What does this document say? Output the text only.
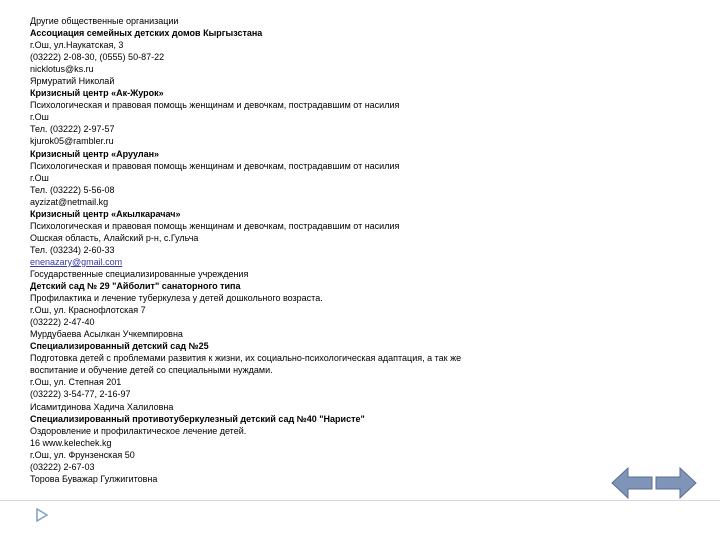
Другие общественные организации
Ассоциация семейных детских домов Кыргызстана
г.Ош, ул.Наукатская, 3
(03222) 2-08-30, (0555) 50-87-22
nicklotus@ks.ru
Ярмуратий Николай
Кризисный центр «Ак-Журок»
Психологическая и правовая помощь женщинам и девочкам, пострадавшим от насилия
г.Ош
Тел. (03222) 2-97-57
kjurok05@rambler.ru
Кризисный центр «Аруулан»
Психологическая и правовая помощь женщинам и девочкам, пострадавшим от насилия
г.Ош
Тел. (03222) 5-56-08
ayzizat@netmail.kg
Кризисный центр «Акылкарачач»
Психологическая и правовая помощь женщинам и девочкам, пострадавшим от насилия
Ошская область, Алайский р-н, с.Гульча
Тел. (03234) 2-60-33
enenazary@gmail.com
Государственные специализированные учреждения
Детский сад № 29 "Айболит" санаторного типа
Профилактика и лечение туберкулеза у детей дошкольного возраста.
г.Ош, ул. Краснофлотская 7
(03222) 2-47-40
Мурдубаева Асылкан Учкемпировна
Специализированный детский сад №25
Подготовка детей с проблемами развития к жизни, их социально-психологическая адаптация, а так же воспитание и обучение детей со специальными нуждами.
г.Ош, ул. Степная 201
(03222) 3-54-77, 2-16-97
Исамитдинова Хадича Халиловна
Специализированный противотуберкулезный детский сад №40 "Наристе"
Оздоровление и профилактическое лечение детей.
16 www.kelechek.kg
г.Ош, ул. Фрунзенская 50
(03222) 2-67-03
Торова Буважар Гулжигитовна
